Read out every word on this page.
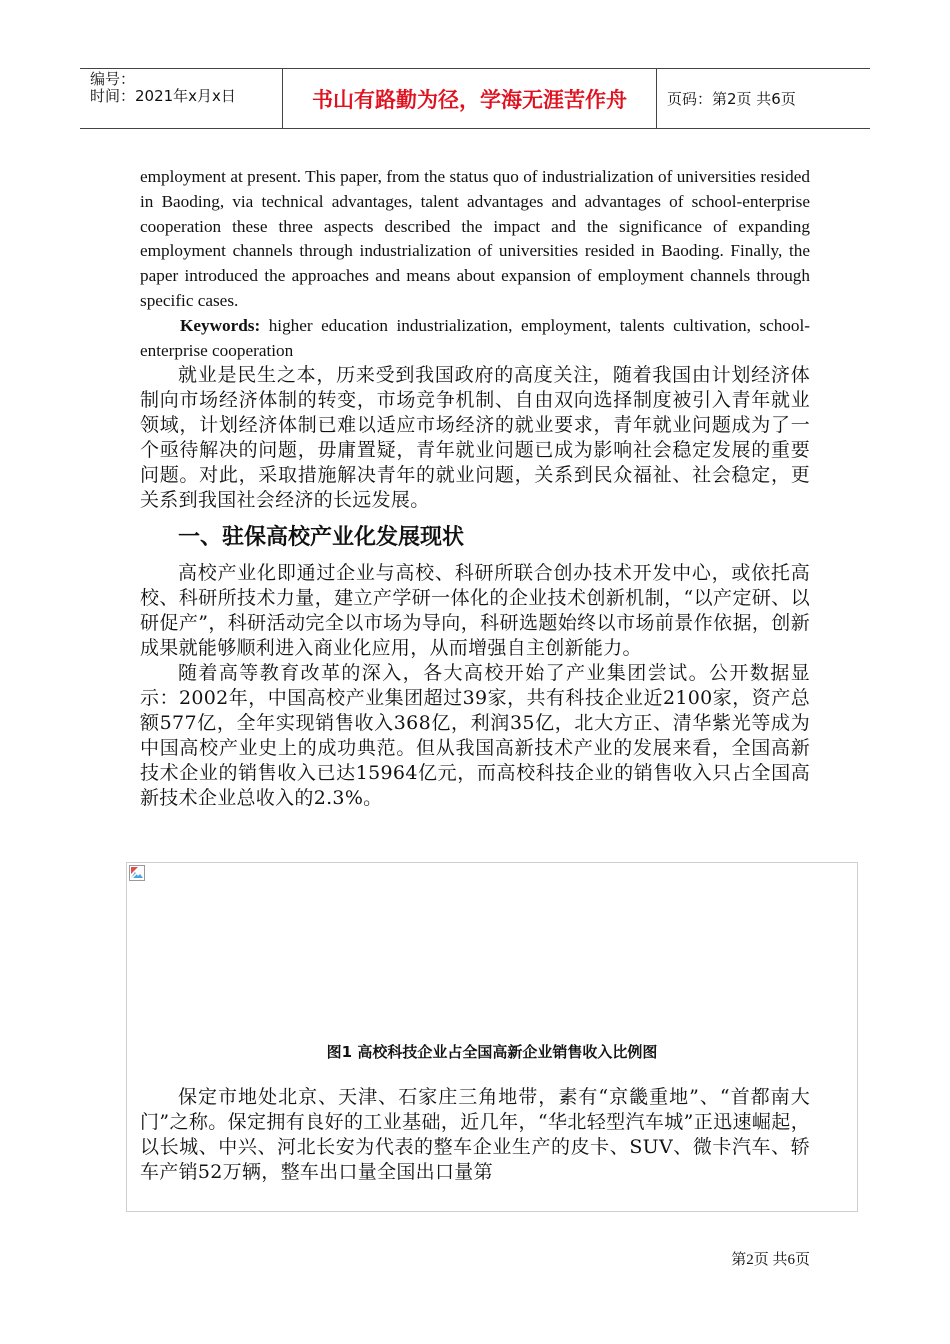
编号：
时间：2021年x月x日	书山有路勤为径，学海无涯苦作舟	页码：第2页 共6页

employment at present. This paper, from the status quo of industrialization of universities resided in Baoding, via technical advantages, talent advantages and advantages of school-enterprise cooperation these three aspects described the impact and the significance of expanding employment channels through industrialization of universities resided in Baoding. Finally, the paper introduced the approaches and means about expansion of employment channels through specific cases.

Keywords: higher education industrialization, employment, talents cultivation, school-enterprise cooperation

就业是民生之本，历来受到我国政府的高度关注，随着我国由计划经济体制向市场经济体制的转变，市场竞争机制、自由双向选择制度被引入青年就业领域，计划经济体制已难以适应市场经济的就业要求，青年就业问题成为了一个亟待解决的问题，毋庸置疑，青年就业问题已成为影响社会稳定发展的重要问题。对此，采取措施解决青年的就业问题，关系到民众福祉、社会稳定，更关系到我国社会经济的长远发展。

一、驻保高校产业化发展现状

高校产业化即通过企业与高校、科研所联合创办技术开发中心，或依托高校、科研所技术力量，建立产学研一体化的企业技术创新机制，“以产定研、以研促产”，科研活动完全以市场为导向，科研选题始终以市场前景作依据，创新成果就能够顺利进入商业化应用，从而增强自主创新能力。

随着高等教育改革的深入，各大高校开始了产业集团尝试。公开数据显示：2002年，中国高校产业集团超过39家，共有科技企业近2100家，资产总额577亿，全年实现销售收入368亿，利润35亿，北大方正、清华紫光等成为中国高校产业史上的成功典范。但从我国高新技术产业的发展来看，全国高新技术企业的销售收入已达15964亿元，而高校科技企业的销售收入只占全国高新技术企业总收入的2.3%。

图1 高校科技企业占全国高新企业销售收入比例图

保定市地处北京、天津、石家庄三角地带，素有“京畿重地”、“首都南大门”之称。保定拥有良好的工业基础，近几年，“华北轻型汽车城”正迅速崛起，以长城、中兴、河北长安为代表的整车企业生产的皮卡、SUV、微卡汽车、轿车产销52万辆，整车出口量全国出口量第

第2页 共6页
